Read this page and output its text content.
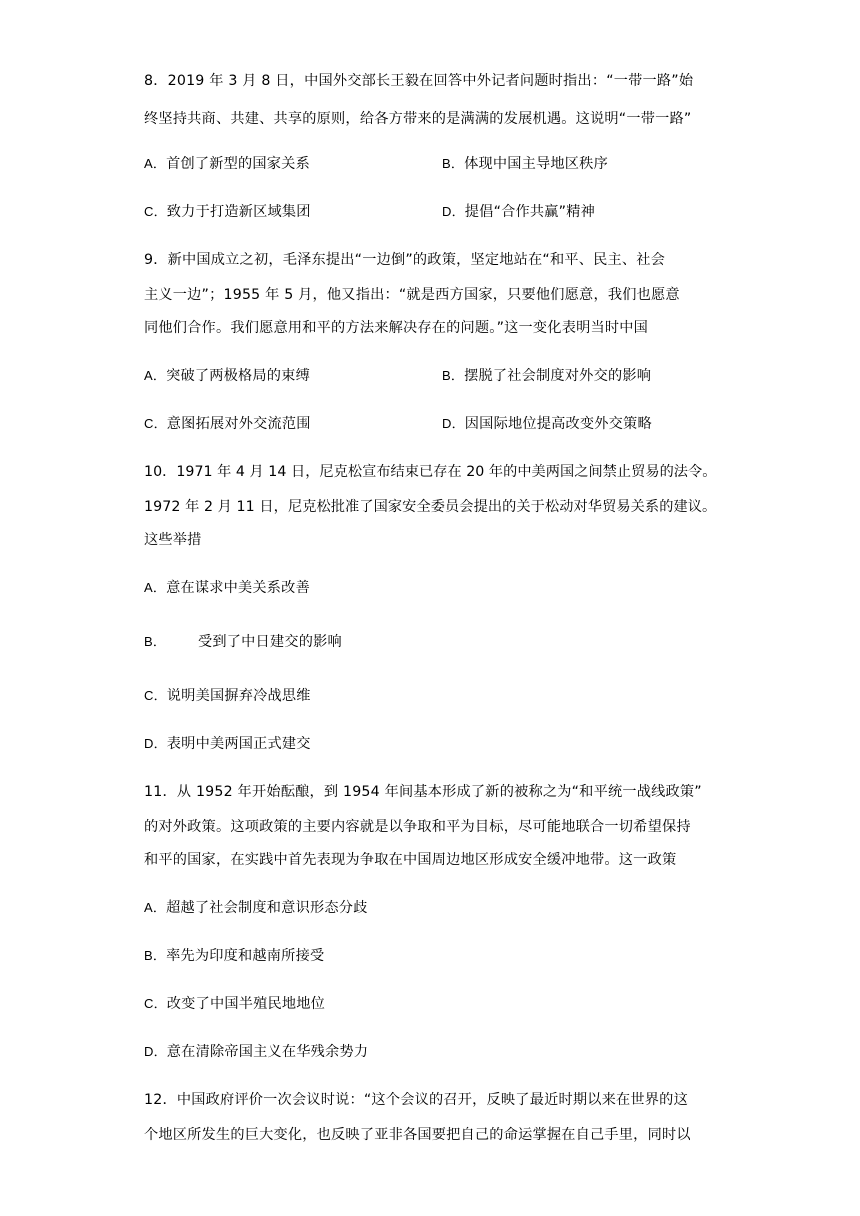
8．2019 年 3 月 8 日，中国外交部长王毅在回答中外记者问题时指出：“一带一路”始
终坚持共商、共建、共享的原则，给各方带来的是满满的发展机遇。这说明“一带一路”
A．首创了新型的国家关系	B．体现中国主导地区秩序
C．致力于打造新区域集团	D．提倡“合作共赢”精神
9．新中国成立之初，毛泽东提出“一边倒”的政策，坚定地站在“和平、民主、社会
主义一边”；1955 年 5 月，他又指出：“就是西方国家，只要他们愿意，我们也愿意
同他们合作。我们愿意用和平的方法来解决存在的问题。”这一变化表明当时中国
A．突破了两极格局的束缚	B．摆脱了社会制度对外交的影响
C．意图拓展对外交流范围	D．因国际地位提高改变外交策略
10．1971 年 4 月 14 日，尼克松宣布结束已存在 20 年的中美两国之间禁止贸易的法令。
1972 年 2 月 11 日，尼克松批准了国家安全委员会提出的关于松动对华贸易关系的建议。
这些举措
A．意在谋求中美关系改善
B． 受到了中日建交的影响
C．说明美国摒弃冷战思维
D．表明中美两国正式建交
11．从 1952 年开始酝酿，到 1954 年间基本形成了新的被称之为“和平统一战线政策”
的对外政策。这项政策的主要内容就是以争取和平为目标，尽可能地联合一切希望保持
和平的国家，在实践中首先表现为争取在中国周边地区形成安全缓冲地带。这一政策
A．超越了社会制度和意识形态分歧
B．率先为印度和越南所接受
C．改变了中国半殖民地地位
D．意在清除帝国主义在华残余势力
12．中国政府评价一次会议时说：“这个会议的召开，反映了最近时期以来在世界的这
个地区所发生的巨大变化，也反映了亚非各国要把自己的命运掌握在自己手里，同时以
